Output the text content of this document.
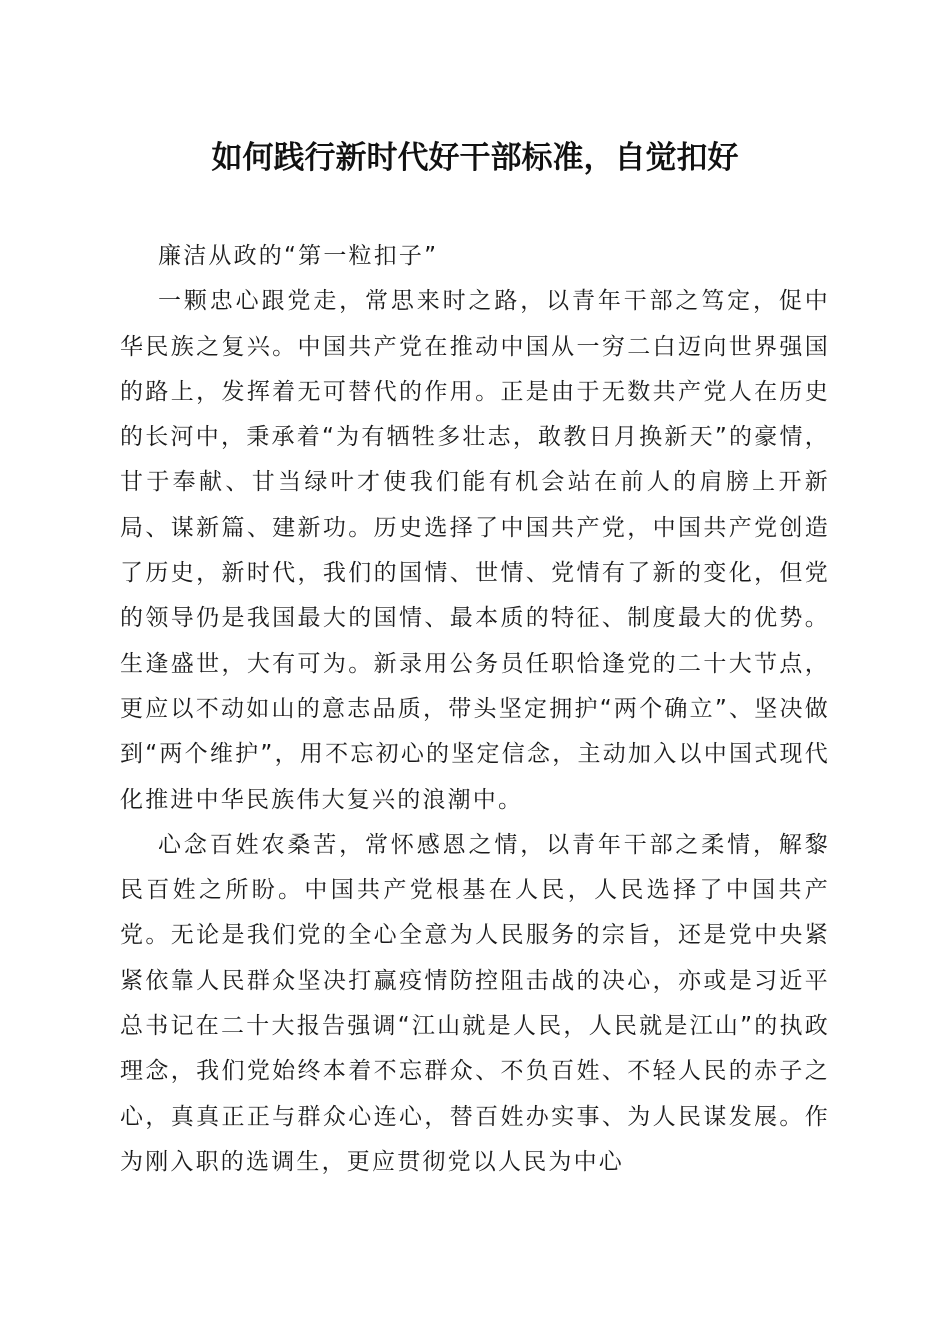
如何践行新时代好干部标准，自觉扣好

廉洁从政的“第一粒扣子”

一颗忠心跟党走，常思来时之路，以青年干部之笃定，促中华民族之复兴。中国共产党在推动中国从一穷二白迈向世界强国的路上，发挥着无可替代的作用。正是由于无数共产党人在历史的长河中，秉承着“为有牺牲多壮志，敢教日月换新天”的豪情，甘于奉献、甘当绿叶才使我们能有机会站在前人的肩膀上开新局、谋新篇、建新功。历史选择了中国共产党，中国共产党创造了历史，新时代，我们的国情、世情、党情有了新的变化，但党的领导仍是我国最大的国情、最本质的特征、制度最大的优势。生逢盛世，大有可为。新录用公务员任职恰逢党的二十大节点，更应以不动如山的意志品质，带头坚定拥护“两个确立”、坚决做到“两个维护”，用不忘初心的坚定信念，主动加入以中国式现代化推进中华民族伟大复兴的浪潮中。

心念百姓农桑苦，常怀感恩之情，以青年干部之柔情，解黎民百姓之所盼。中国共产党根基在人民，人民选择了中国共产党。无论是我们党的全心全意为人民服务的宗旨，还是党中央紧紧依靠人民群众坚决打赢疫情防控阻击战的决心，亦或是习近平总书记在二十大报告强调“江山就是人民，人民就是江山”的执政理念，我们党始终本着不忘群众、不负百姓、不轻人民的赤子之心，真真正正与群众心连心，替百姓办实事、为人民谋发展。作为刚入职的选调生，更应贯彻党以人民为中心
